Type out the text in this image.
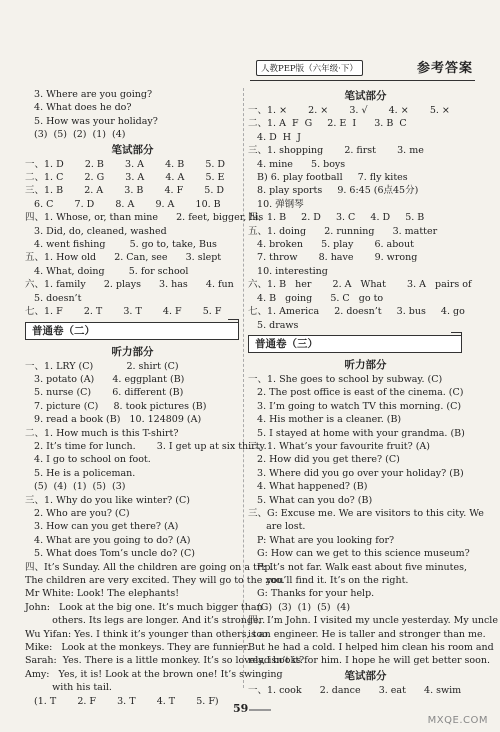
人教PEP版（六年级·下）	参考答案
3. Where are you going?
4. What does he do?
5. How was your holiday?
(3)  (5)  (2)  (1)  (4)
笔试部分
一、1. D       2. B       3. A       4. B       5. D
二、1. C       2. G       3. A       4. A       5. E
三、1. B       2. A       3. B       4. F       5. D
6. C       7. D       8. A       9. A       10. B
四、1. Whose, or, than mine      2. feet, bigger, his
3. Did, do, cleaned, washed
4. went fishing        5. go to, take, Bus
五、1. How old      2. Can, see      3. slept
4. What, doing        5. for school
六、1. family      2. plays      3. has      4. fun
5. doesn’t
七、1. F       2. T       3. T       4. F       5. F
普通卷（二）
听力部分
一、1. LRY (C)           2. shirt (C)
3. potato (A)      4. eggplant (B)
5. nurse (C)       6. different (B)
7. picture (C)     8. took pictures (B)
9. read a book (B)   10. 124809 (A)
二、1. How much is this T-shirt?
2. It’s time for lunch.       3. I get up at six thirty.
4. I go to school on foot.
5. He is a policeman.
(5)  (4)  (1)  (5)  (3)
三、1. Why do you like winter? (C)
2. Who are you? (C)
3. How can you get there? (A)
4. What are you going to do? (A)
5. What does Tom’s uncle do? (C)
四、It’s Sunday. All the children are going on a trip.
The children are very excited. They will go to the zoo.
Mr White: Look! The elephants!
John:   Look at the big one. It’s much bigger than
others. Its legs are longer. And it’s stronger.
Wu Yifan: Yes. I think it’s younger than others, too.
Mike:   Look at the monkeys. They are funnier.
Sarah:  Yes. There is a little monkey. It’s so lovely, isn’t it?
Amy:   Yes, it is! Look at the brown one! It’s swinging
with his tail.
(1. T       2. F       3. T       4. T       5. F)
笔试部分
一、1. ×       2. ×       3. √       4. ×       5. ×
二、1. A  F  G     2. E  I      3. B  C
4. D  H  J
三、1. shopping       2. first       3. me
4. mine      5. boys
B) 6. play football     7. fly kites
8. play sports     9. 6:45 (6点45分)
10. 弹钢琴
四、1. B     2. D     3. C     4. D     5. B
五、1. doing      2. running      3. matter
4. broken      5. play       6. about
7. throw       8. have       9. wrong
10. interesting
六、1. B   her       2. A   What       3. A   pairs of
4. B   going      5. C   go to
七、1. America     2. doesn’t     3. bus     4. go
5. draws
普通卷（三）
听力部分
一、1. She goes to school by subway. (C)
2. The post office is east of the cinema. (C)
3. I’m going to watch TV this morning. (C)
4. His mother is a cleaner. (B)
5. I stayed at home with your grandma. (B)
二、1. What’s your favourite fruit? (A)
2. How did you get there? (C)
3. Where did you go over your holiday? (B)
4. What happened? (B)
5. What can you do? (B)
三、G: Excuse me. We are visitors to this city. We
are lost.
P: What are you looking for?
G: How can we get to this science museum?
P: It’s not far. Walk east about five minutes,
you’ll find it. It’s on the right.
G: Thanks for your help.
(G)  (3)  (1)  (5)  (4)
四、I’m John. I visited my uncle yesterday. My uncle
is an engineer. He is taller and stronger than me.
But he had a cold. I helped him clean his room and
read books for him. I hope he will get better soon.
笔试部分
一、1. cook      2. dance      3. eat      4. swim
59
MXQE.COM
